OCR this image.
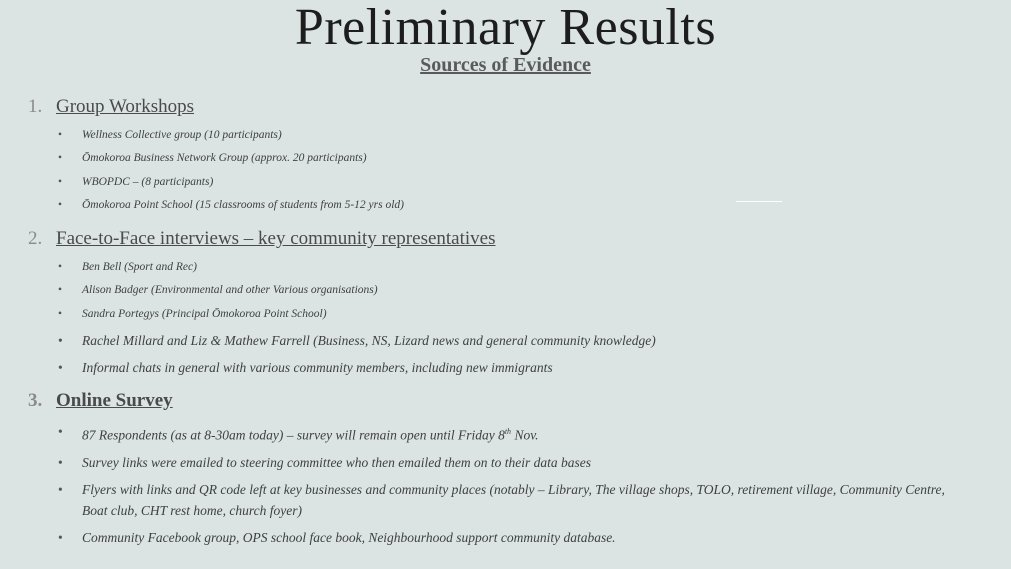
Preliminary Results
Sources of Evidence
1. Group Workshops
• Wellness Collective group (10 participants)
• Ōmokoroa Business Network Group (approx. 20 participants)
• WBOPDC – (8 participants)
• Ōmokoroa Point School (15 classrooms of students from 5-12 yrs old)
2. Face-to-Face interviews – key community representatives
• Ben Bell (Sport and Rec)
• Alison Badger (Environmental and other Various organisations)
• Sandra Portegys (Principal Ōmokoroa Point School)
• Rachel Millard and Liz & Mathew Farrell (Business, NS, Lizard news and general community knowledge)
• Informal chats in general with various community members, including new immigrants
3. Online Survey
• 87 Respondents (as at 8-30am today) – survey will remain open until Friday 8th Nov.
• Survey links were emailed to steering committee who then emailed them on to their data bases
• Flyers with links and QR code left at key businesses and community places (notably – Library, The village shops, TOLO, retirement village, Community Centre, Boat club, CHT rest home, church foyer)
• Community Facebook group, OPS school face book, Neighbourhood support community database.
